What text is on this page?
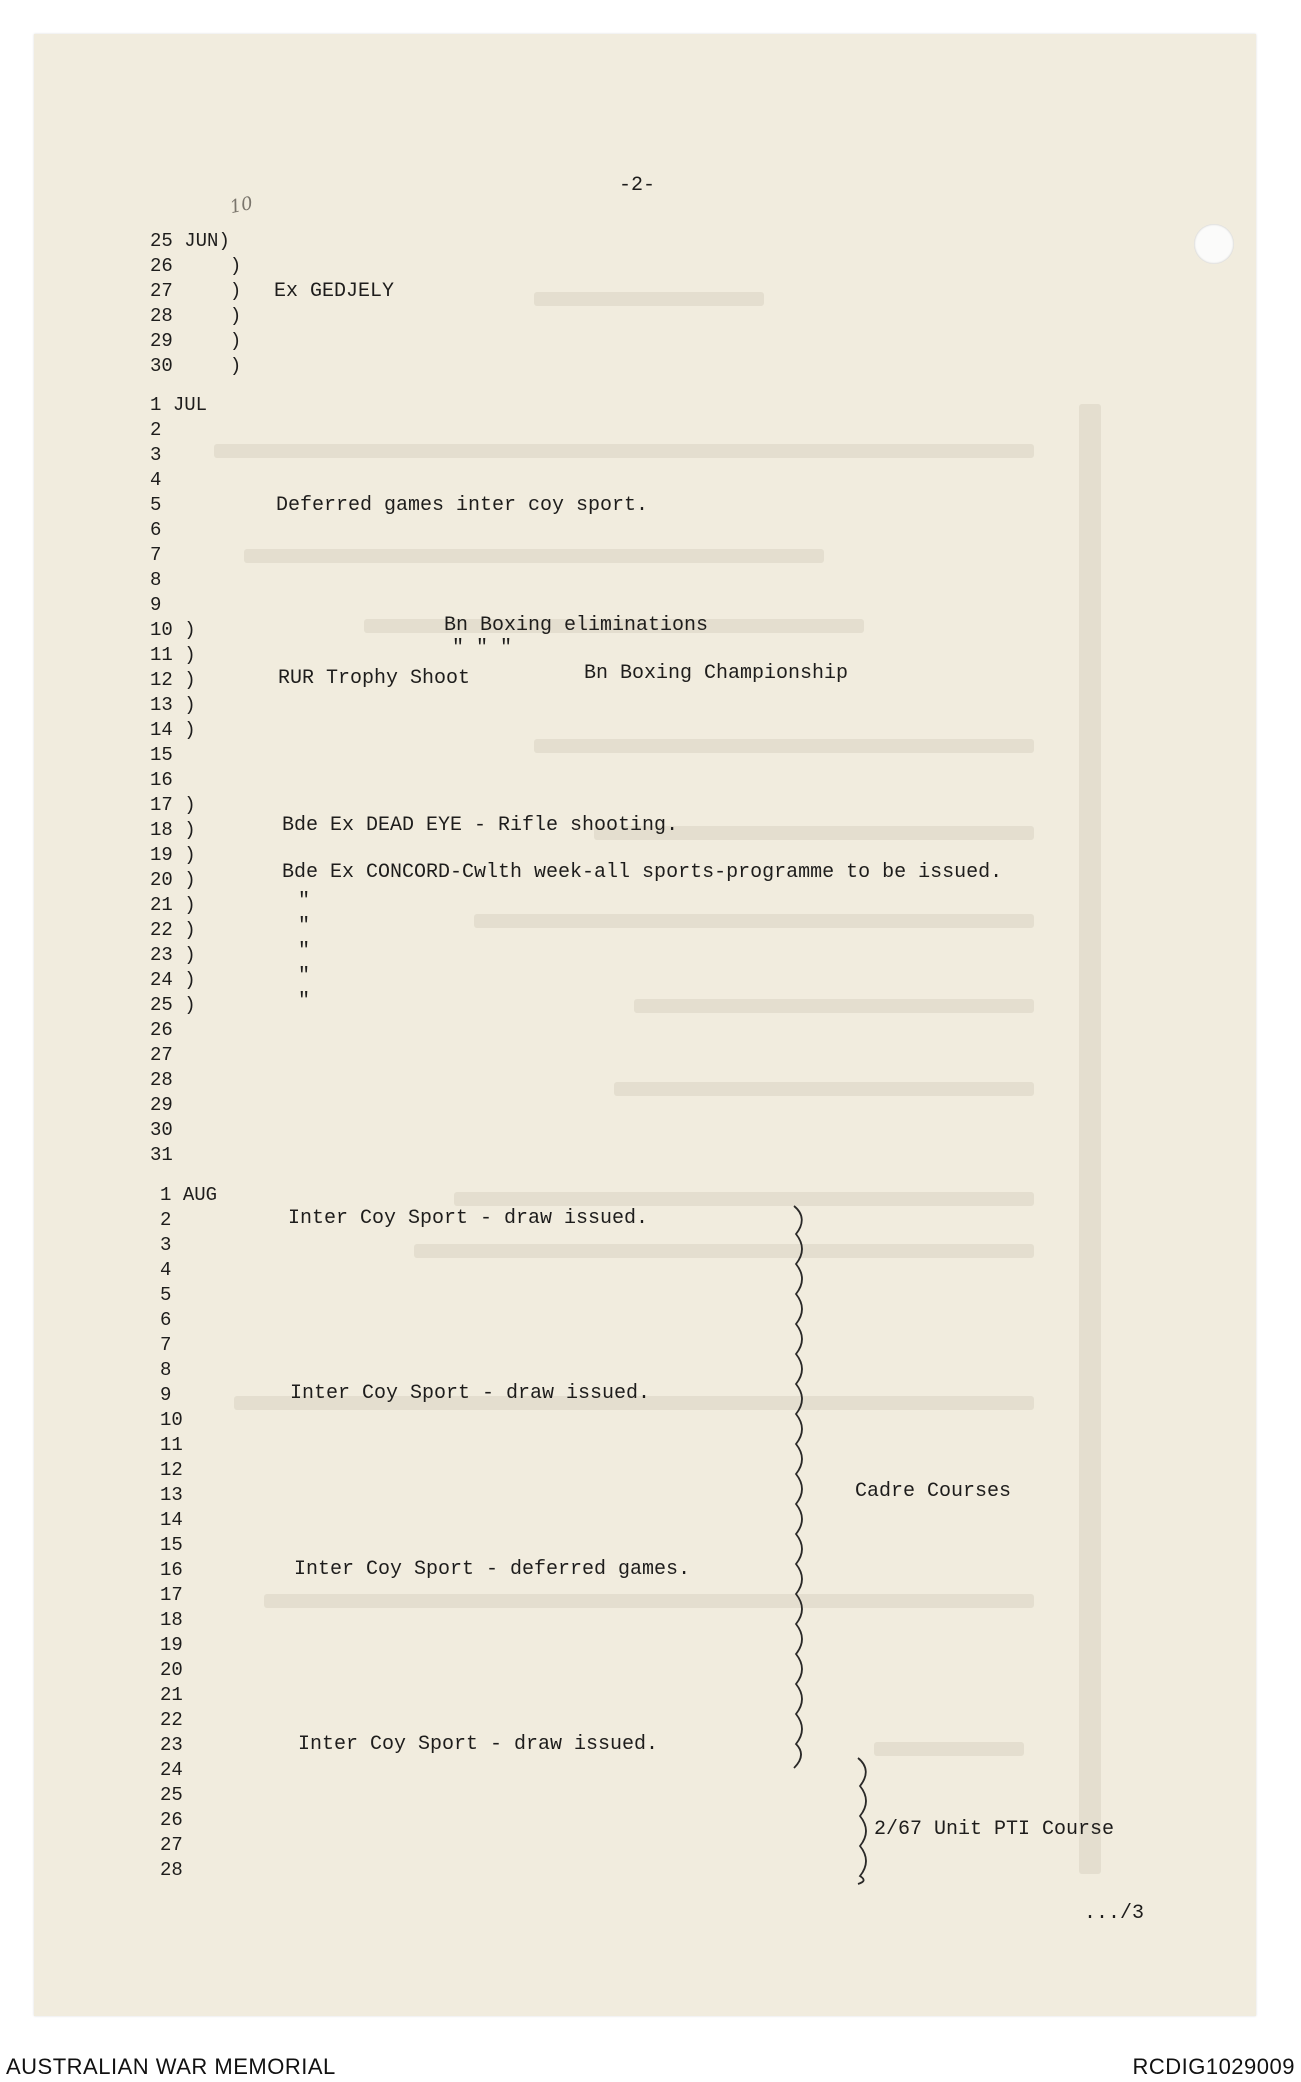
-2-
10
25 JUN)
26     )
27     )
28     )
29     )
30     )
Ex GEDJELY
1 JUL
2
3
4
5
6
7
8
9
10 )
11 )
12 )
13 )
14 )
15
16
17 )
18 )
19 )
20 )
21 )
22 )
23 )
24 )
25 )
26
27
28
29
30
31
Deferred games inter coy sport.
Bn Boxing eliminations
" " "
RUR Trophy Shoot	Bn Boxing Championship
Bde Ex DEAD EYE - Rifle shooting.
Bde Ex CONCORD-Cwlth week-all sports-programme to be issued.
"
"
"
"
"
1 AUG
2
3
4
5
6
7
8
9
10
11
12
13
14
15
16
17
18
19
20
21
22
23
24
25
26
27
28
Inter Coy Sport - draw issued.
Inter Coy Sport - draw issued.
Inter Coy Sport - deferred games.
Inter Coy Sport - draw issued.
Cadre Courses
2/67 Unit PTI Course
.../3
AUSTRALIAN WAR MEMORIAL	RCDIG1029009
